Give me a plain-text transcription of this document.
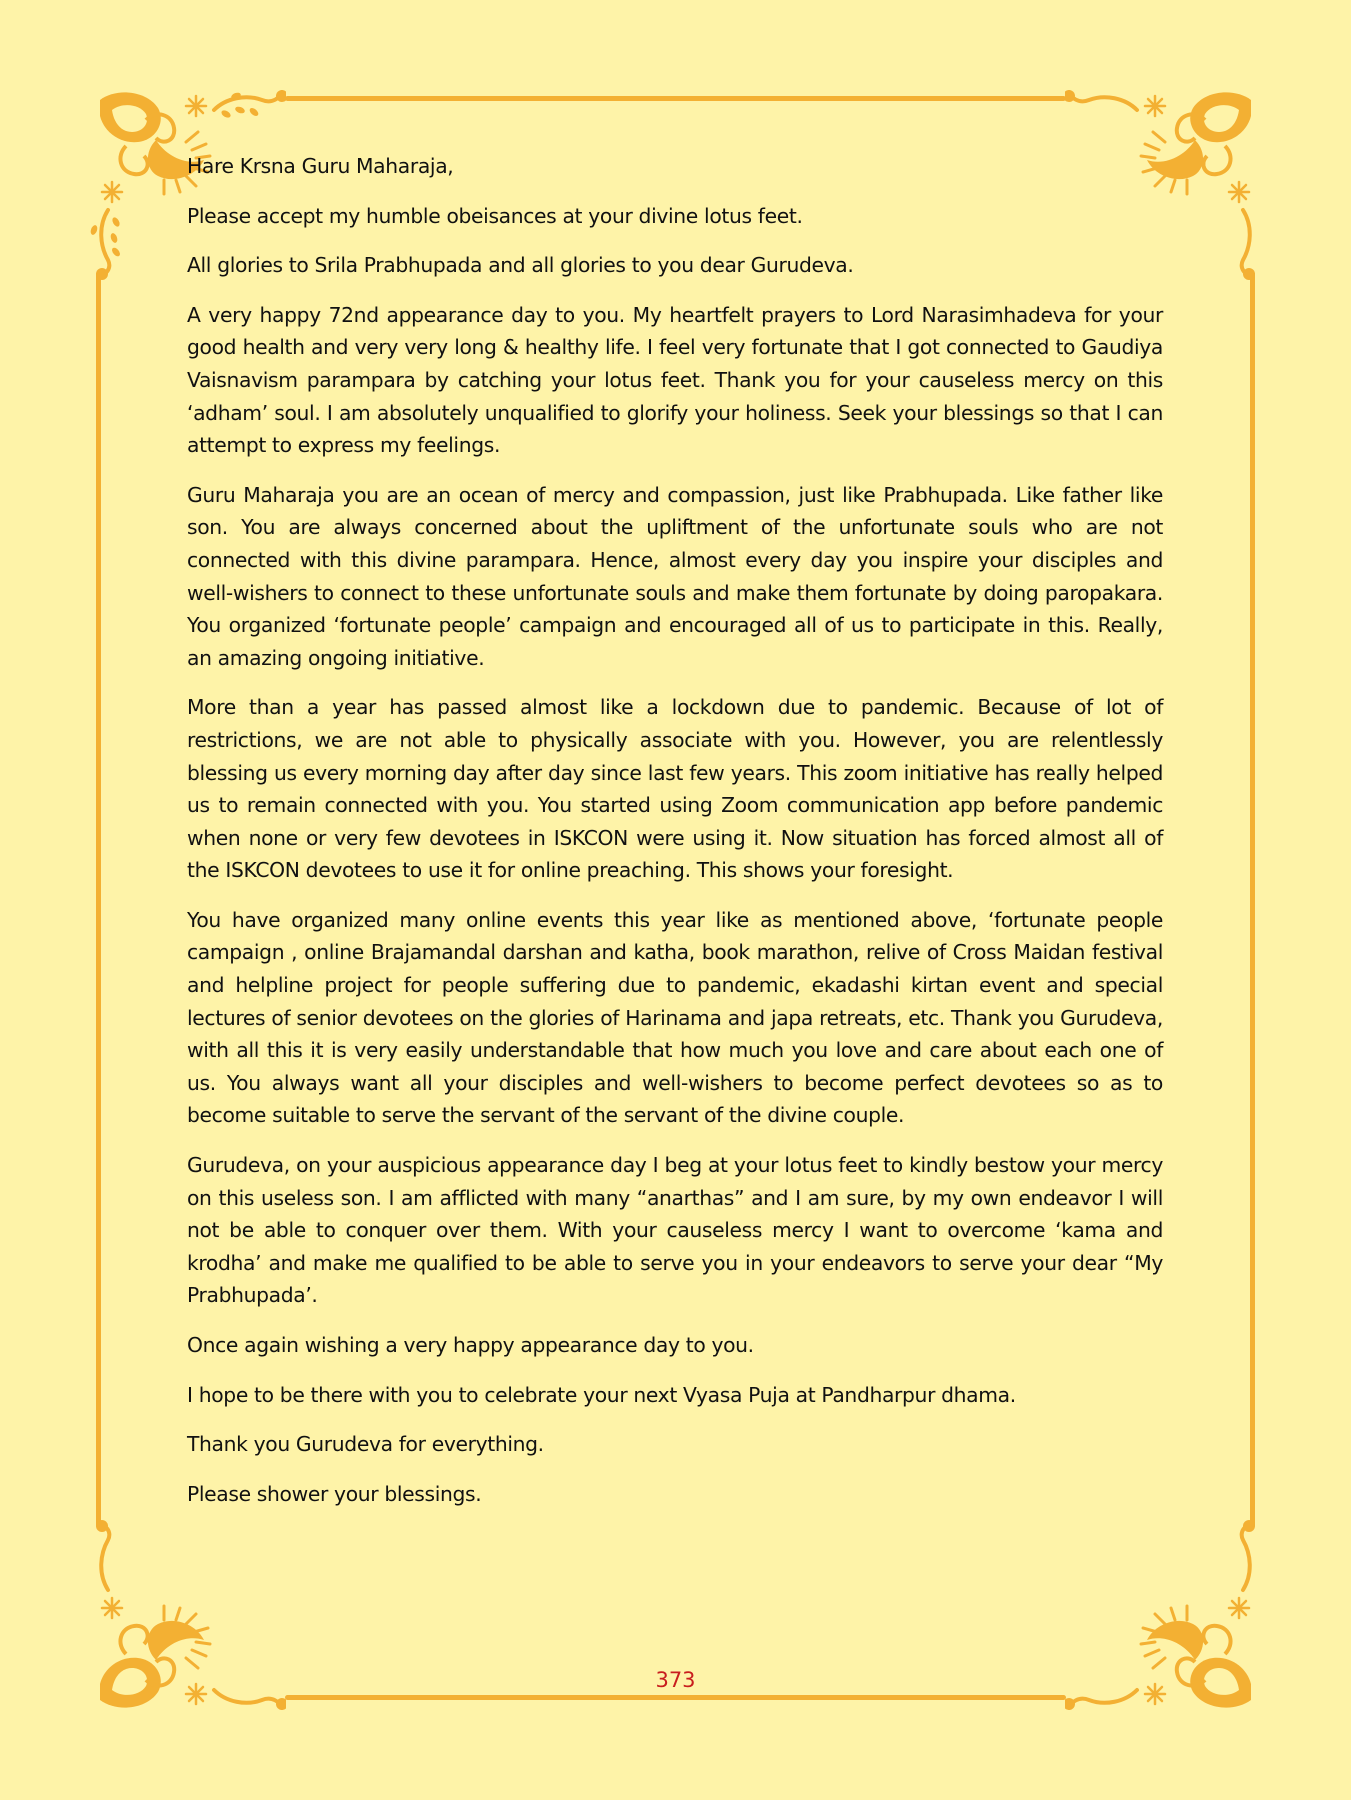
Hare Krsna Guru Maharaja,

Please accept my humble obeisances at your divine lotus feet.

All glories to Srila Prabhupada and all glories to you dear Gurudeva.

A very happy 72nd appearance day to you. My heartfelt prayers to Lord Narasimhadeva for your good health and very very long & healthy life. I feel very fortunate that I got connected to Gaudiya Vaisnavism parampara by catching your lotus feet. Thank you for your causeless mercy on this ‘adham’ soul. I am absolutely unqualified to glorify your holiness. Seek your blessings so that I can attempt to express my feelings.

Guru Maharaja you are an ocean of mercy and compassion, just like Prabhupada. Like father like son. You are always concerned about the upliftment of the unfortunate souls who are not connected with this divine parampara. Hence, almost every day you inspire your disciples and well-wishers to connect to these unfortunate souls and make them fortunate by doing paropakara. You organized ‘fortunate people’ campaign and encouraged all of us to participate in this. Really, an amazing ongoing initiative.

More than a year has passed almost like a lockdown due to pandemic. Because of lot of restrictions, we are not able to physically associate with you. However, you are relentlessly blessing us every morning day after day since last few years. This zoom initiative has really helped us to remain connected with you. You started using Zoom communication app before pandemic when none or very few devotees in ISKCON were using it. Now situation has forced almost all of the ISKCON devotees to use it for online preaching. This shows your foresight.

You have organized many online events this year like as mentioned above, ‘fortunate people campaign , online Brajamandal darshan and katha, book marathon, relive of Cross Maidan festival and helpline project for people suffering due to pandemic, ekadashi kirtan event and special lectures of senior devotees on the glories of Harinama and japa retreats, etc. Thank you Gurudeva, with all this it is very easily understandable that how much you love and care about each one of us. You always want all your disciples and well-wishers to become perfect devotees so as to become suitable to serve the servant of the servant of the divine couple.

Gurudeva, on your auspicious appearance day I beg at your lotus feet to kindly bestow your mercy on this useless son. I am afflicted with many “anarthas” and I am sure, by my own endeavor I will not be able to conquer over them. With your causeless mercy I want to overcome ‘kama and krodha’ and make me qualified to be able to serve you in your endeavors to serve your dear “My Prabhupada’.

Once again wishing a very happy appearance day to you.

I hope to be there with you to celebrate your next Vyasa Puja at Pandharpur dhama.

Thank you Gurudeva for everything.

Please shower your blessings.

373
